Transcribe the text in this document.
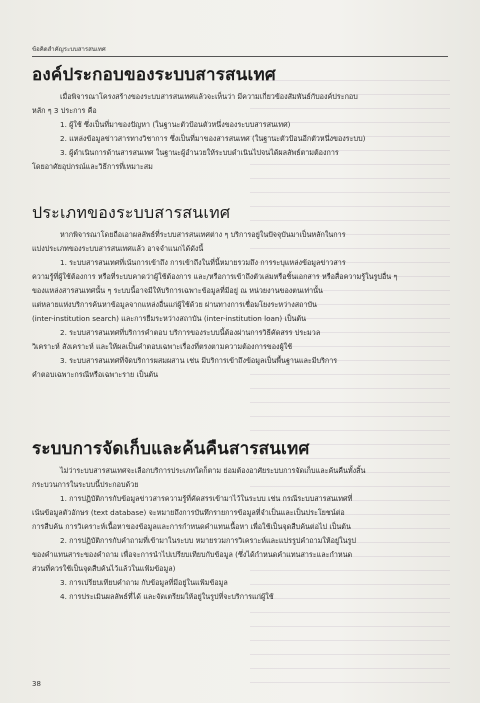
ข้อคิดสำคัญระบบสารสนเทศ
องค์ประกอบของระบบสารสนเทศ

เมื่อพิจารณาโครงสร้างของระบบสารสนเทศแล้วจะเห็นว่า มีความเกี่ยวข้องสัมพันธ์กับองค์ประกอบ

หลัก ๆ 3 ประการ คือ

1. ผู้ใช้ ซึ่งเป็นที่มาของปัญหา (ในฐานะตัวป้อนตัวหนึ่งของระบบสารสนเทศ)

2. แหล่งข้อมูลข่าวสารทางวิชาการ ซึ่งเป็นที่มาของสารสนเทศ (ในฐานะตัวป้อนอีกตัวหนึ่งของระบบ)

3. ผู้ดำเนินการด้านสารสนเทศ ในฐานะผู้อำนวยให้ระบบดำเนินไปจนได้ผลลัพธ์ตามต้องการ

โดยอาศัยอุปกรณ์และวิธีการที่เหมาะสม

ประเภทของระบบสารสนเทศ

หากพิจารณาโดยถือเอาผลลัพธ์ที่ระบบสารสนเทศต่าง ๆ บริการอยู่ในปัจจุบันมาเป็นหลักในการ

แบ่งประเภทของระบบสารสนเทศแล้ว อาจจำแนกได้ดังนี้

1. ระบบสารสนเทศที่เน้นการเข้าถึง การเข้าถึงในที่นี้หมายรวมถึง การระบุแหล่งข้อมูลข่าวสาร

ความรู้ที่ผู้ใช้ต้องการ หรือที่ระบบคาดว่าผู้ใช้ต้องการ และ/หรือการเข้าถึงตัวเล่มหรือชิ้นเอกสาร หรือสื่อความรู้ในรูปอื่น ๆ

ของแหล่งสารสนเทศนั้น ๆ ระบบนี้อาจมีให้บริการเฉพาะข้อมูลที่มีอยู่ ณ หน่วยงานของตนเท่านั้น

แต่หลายแห่งบริการค้นหาข้อมูลจากแหล่งอื่นแก่ผู้ใช้ด้วย ผ่านทางการเชื่อมโยงระหว่างสถาบัน

(inter-institution search) และการยืมระหว่างสถาบัน (inter-institution loan) เป็นต้น

2. ระบบสารสนเทศที่บริการคำตอบ บริการของระบบนี้ต้องผ่านการวิธีคัดสรร ประมวล

วิเคราะห์ สังเคราะห์ และให้ผลเป็นคำตอบเฉพาะเรื่องที่ตรงตามความต้องการของผู้ใช้

3. ระบบสารสนเทศที่จัดบริการผสมผสาน เช่น มีบริการเข้าถึงข้อมูลเป็นพื้นฐานและมีบริการ

คำตอบเฉพาะกรณีหรือเฉพาะราย เป็นต้น

ระบบการจัดเก็บและค้นคืนสารสนเทศ

ไม่ว่าระบบสารสนเทศจะเลือกบริการประเภทใดก็ตาม ย่อมต้องอาศัยระบบการจัดเก็บและค้นคืนทั้งสิ้น

กระบวนการในระบบนี้ประกอบด้วย

1. การปฏิบัติการกับข้อมูลข่าวสารความรู้ที่คัดสรรเข้ามาไว้ในระบบ เช่น กรณีระบบสารสนเทศที่

เน้นข้อมูลตัวอักษร (text database) จะหมายถึงการบันทึกรายการข้อมูลที่จำเป็นและเป็นประโยชน์ต่อ

การสืบค้น การวิเคราะห์เนื้อหาของข้อมูลและการกำหนดคำแทนเนื้อหา เพื่อใช้เป็นจุดสืบค้นต่อไป เป็นต้น

2. การปฏิบัติการกับคำถามที่เข้ามาในระบบ หมายรวมการวิเคราะห์และแปรรูปคำถามให้อยู่ในรูป

ของคำแทนสาระของคำถาม เพื่อจะการนำไปเปรียบเทียบกับข้อมูล (ซึ่งได้กำหนดคำแทนสาระและกำหนด

ส่วนที่ควรใช้เป็นจุดสืบค้นไว้แล้วในแฟ้มข้อมูล)

3. การเปรียบเทียบคำถาม กับข้อมูลที่มีอยู่ในแฟ้มข้อมูล

4. การประเมินผลลัพธ์ที่ได้ และจัดเตรียมให้อยู่ในรูปที่จะบริการแก่ผู้ใช้

38
